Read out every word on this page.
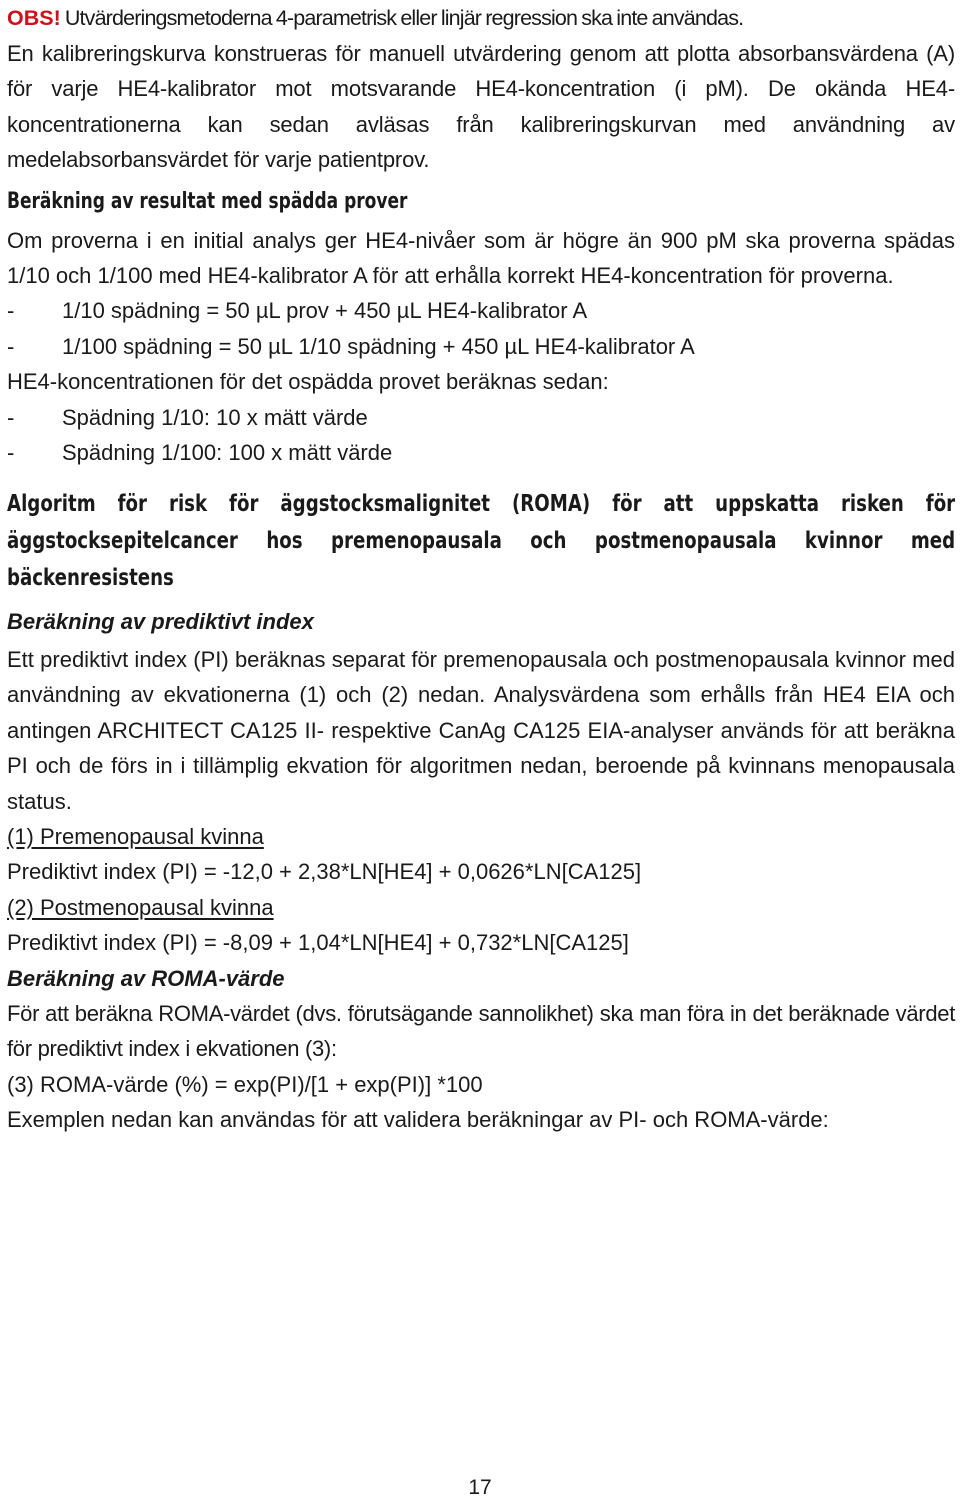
OBS! Utvärderingsmetoderna 4-parametrisk eller linjär regression ska inte användas.

En kalibreringskurva konstrueras för manuell utvärdering genom att plotta absorbansvärdena (A) för varje HE4-kalibrator mot motsvarande HE4-koncentration (i pM). De okända HE4-koncentrationerna kan sedan avläsas från kalibreringskurvan med användning av medelabsorbansvärdet för varje patientprov.

Beräkning av resultat med spädda prover

Om proverna i en initial analys ger HE4-nivåer som är högre än 900 pM ska proverna spädas 1/10 och 1/100 med HE4-kalibrator A för att erhålla korrekt HE4-koncentration för proverna.

-	1/10 spädning = 50 µL prov + 450 µL HE4-kalibrator A
-	1/100 spädning = 50 µL 1/10 spädning + 450 µL HE4-kalibrator A

HE4-koncentrationen för det ospädda provet beräknas sedan:

-	Spädning 1/10: 10 x mätt värde
-	Spädning 1/100: 100 x mätt värde
Algoritm för risk för äggstocksmalignitet (ROMA) för att uppskatta risken för
äggstocksepitelcancer hos premenopausala och postmenopausala kvinnor med
bäckenresistens
Beräkning av prediktivt index

Ett prediktivt index (PI) beräknas separat för premenopausala och postmenopausala kvinnor med användning av ekvationerna (1) och (2) nedan. Analysvärdena som erhålls från HE4 EIA och antingen ARCHITECT CA125 II- respektive CanAg CA125 EIA-analyser används för att beräkna PI och de förs in i tillämplig ekvation för algoritmen nedan, beroende på kvinnans menopausala status.

(1) Premenopausal kvinna

Prediktivt index (PI) = -12,0 + 2,38*LN[HE4] + 0,0626*LN[CA125]

(2) Postmenopausal kvinna

Prediktivt index (PI) = -8,09 + 1,04*LN[HE4] + 0,732*LN[CA125]

Beräkning av ROMA-värde

För att beräkna ROMA-värdet (dvs. förutsägande sannolikhet) ska man föra in det beräknade värdet för prediktivt index i ekvationen (3):

(3) ROMA-värde (%) = exp(PI)/[1 + exp(PI)] *100

Exemplen nedan kan användas för att validera beräkningar av PI- och ROMA-värde:

17
